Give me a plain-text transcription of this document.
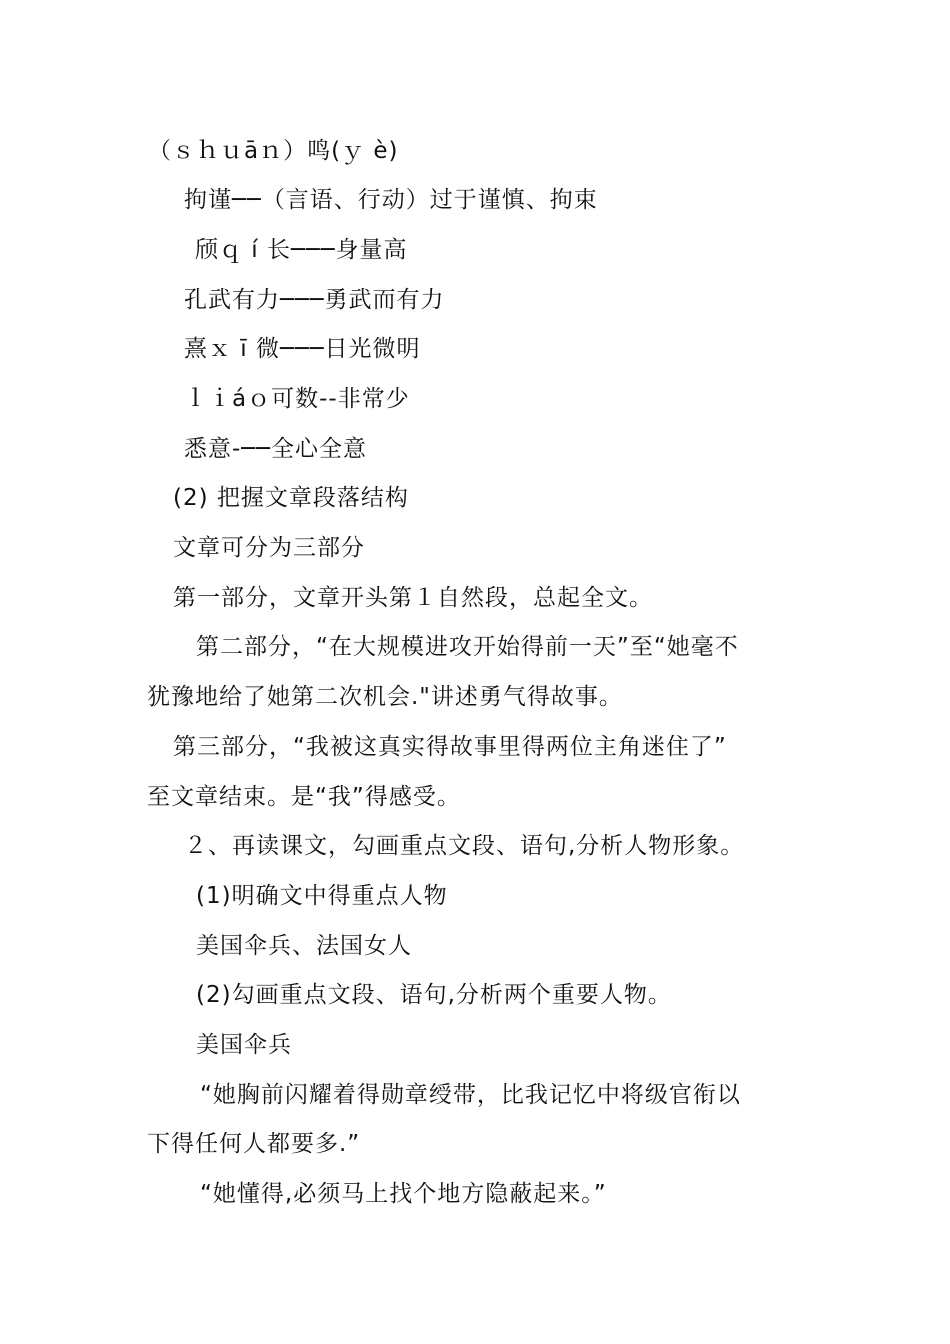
（ｓｈｕāｎ）鸣(ｙ è)
拘谨──（言语、行动）过于谨慎、拘束
颀ｑ í 长───身量高
孔武有力───勇武而有力
熹ｘ ī 微───日光微明
ｌｉáｏ可数--非常少
悉意-──全心全意
(2) 把握文章段落结构
文章可分为三部分
第一部分，文章开头第１自然段，总起全文。
第二部分，“在大规模进攻开始得前一天”至“她毫不
犹豫地给了她第二次机会."讲述勇气得故事。
第三部分，“我被这真实得故事里得两位主角迷住了”
至文章结束。是“我”得感受。
２、再读课文，勾画重点文段、语句,分析人物形象。
(1)明确文中得重点人物
美国伞兵、法国女人
(2)勾画重点文段、语句,分析两个重要人物。
美国伞兵
“她胸前闪耀着得勋章绶带，比我记忆中将级官衔以
下得任何人都要多.”
“她懂得,必须马上找个地方隐蔽起来。”
